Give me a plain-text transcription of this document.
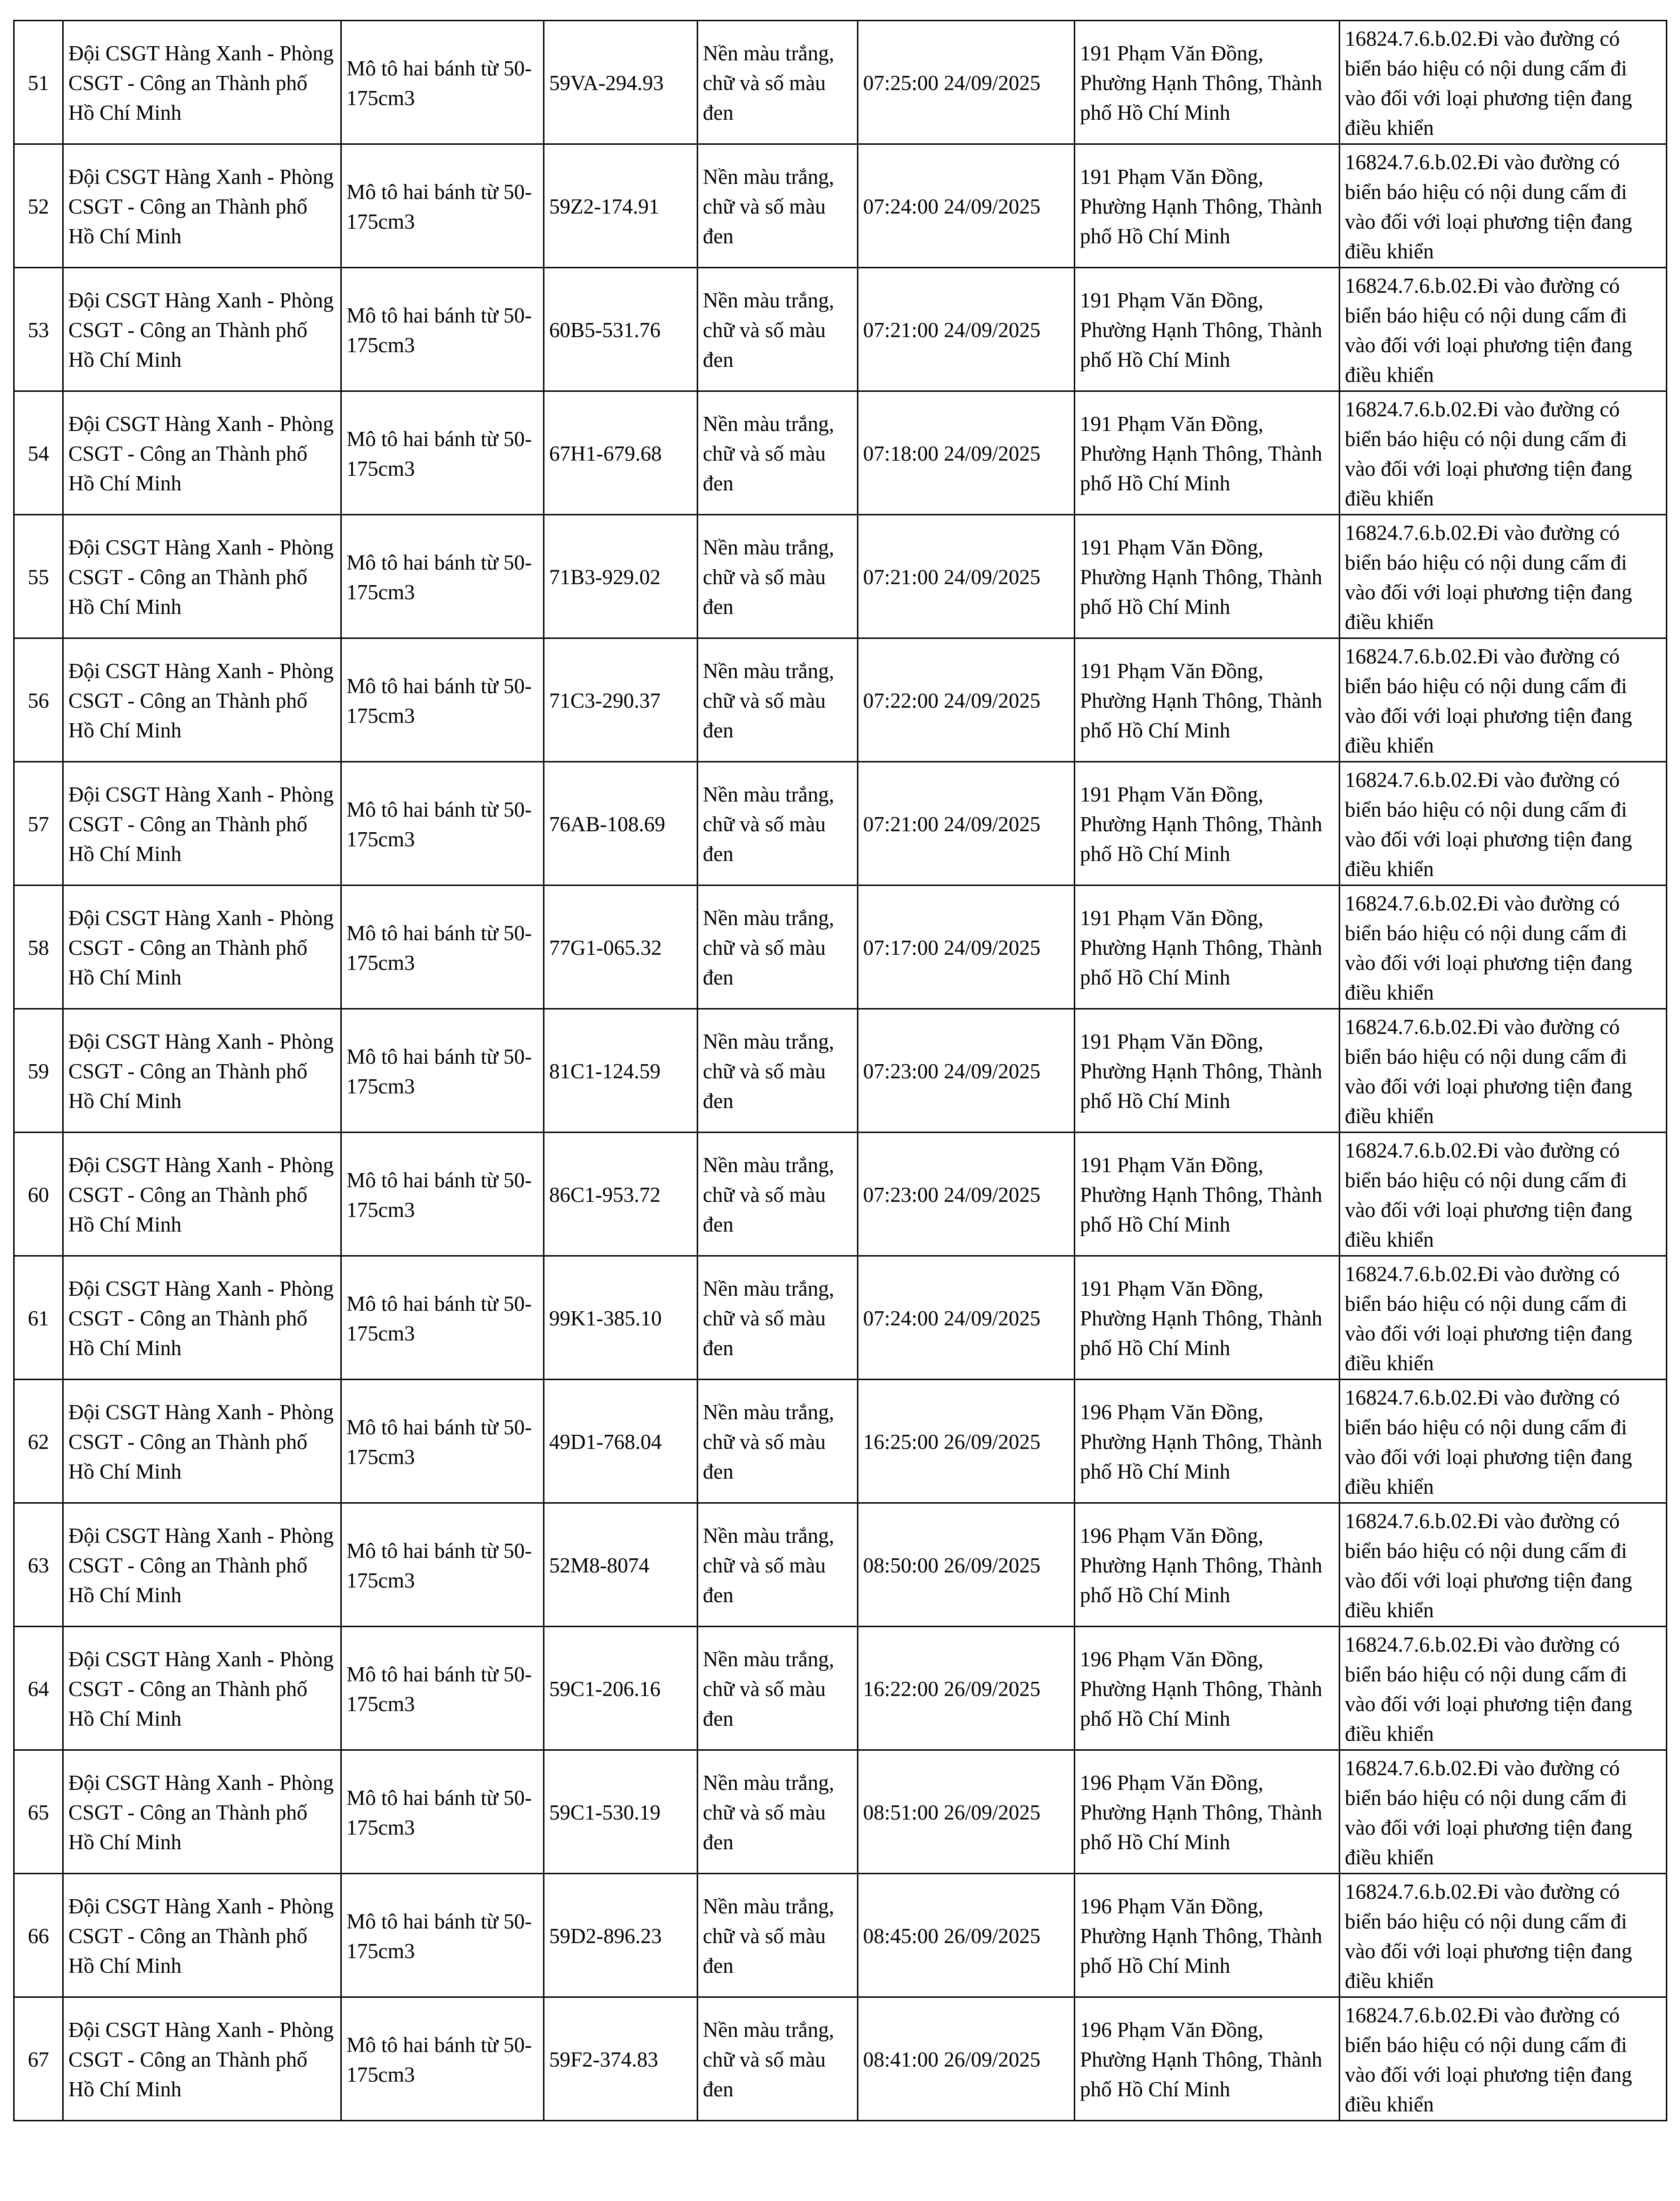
51	Đội CSGT Hàng Xanh - Phòng CSGT - Công an Thành phố Hồ Chí Minh	Mô tô hai bánh từ 50-175cm3	59VA-294.93	Nền màu trắng, chữ và số màu đen	07:25:00 24/09/2025	191 Phạm Văn Đồng, Phường Hạnh Thông, Thành phố Hồ Chí Minh	16824.7.6.b.02.Đi vào đường có biển báo hiệu có nội dung cấm đi vào đối với loại phương tiện đang điều khiển
52	Đội CSGT Hàng Xanh - Phòng CSGT - Công an Thành phố Hồ Chí Minh	Mô tô hai bánh từ 50-175cm3	59Z2-174.91	Nền màu trắng, chữ và số màu đen	07:24:00 24/09/2025	191 Phạm Văn Đồng, Phường Hạnh Thông, Thành phố Hồ Chí Minh	16824.7.6.b.02.Đi vào đường có biển báo hiệu có nội dung cấm đi vào đối với loại phương tiện đang điều khiển
53	Đội CSGT Hàng Xanh - Phòng CSGT - Công an Thành phố Hồ Chí Minh	Mô tô hai bánh từ 50-175cm3	60B5-531.76	Nền màu trắng, chữ và số màu đen	07:21:00 24/09/2025	191 Phạm Văn Đồng, Phường Hạnh Thông, Thành phố Hồ Chí Minh	16824.7.6.b.02.Đi vào đường có biển báo hiệu có nội dung cấm đi vào đối với loại phương tiện đang điều khiển
54	Đội CSGT Hàng Xanh - Phòng CSGT - Công an Thành phố Hồ Chí Minh	Mô tô hai bánh từ 50-175cm3	67H1-679.68	Nền màu trắng, chữ và số màu đen	07:18:00 24/09/2025	191 Phạm Văn Đồng, Phường Hạnh Thông, Thành phố Hồ Chí Minh	16824.7.6.b.02.Đi vào đường có biển báo hiệu có nội dung cấm đi vào đối với loại phương tiện đang điều khiển
55	Đội CSGT Hàng Xanh - Phòng CSGT - Công an Thành phố Hồ Chí Minh	Mô tô hai bánh từ 50-175cm3	71B3-929.02	Nền màu trắng, chữ và số màu đen	07:21:00 24/09/2025	191 Phạm Văn Đồng, Phường Hạnh Thông, Thành phố Hồ Chí Minh	16824.7.6.b.02.Đi vào đường có biển báo hiệu có nội dung cấm đi vào đối với loại phương tiện đang điều khiển
56	Đội CSGT Hàng Xanh - Phòng CSGT - Công an Thành phố Hồ Chí Minh	Mô tô hai bánh từ 50-175cm3	71C3-290.37	Nền màu trắng, chữ và số màu đen	07:22:00 24/09/2025	191 Phạm Văn Đồng, Phường Hạnh Thông, Thành phố Hồ Chí Minh	16824.7.6.b.02.Đi vào đường có biển báo hiệu có nội dung cấm đi vào đối với loại phương tiện đang điều khiển
57	Đội CSGT Hàng Xanh - Phòng CSGT - Công an Thành phố Hồ Chí Minh	Mô tô hai bánh từ 50-175cm3	76AB-108.69	Nền màu trắng, chữ và số màu đen	07:21:00 24/09/2025	191 Phạm Văn Đồng, Phường Hạnh Thông, Thành phố Hồ Chí Minh	16824.7.6.b.02.Đi vào đường có biển báo hiệu có nội dung cấm đi vào đối với loại phương tiện đang điều khiển
58	Đội CSGT Hàng Xanh - Phòng CSGT - Công an Thành phố Hồ Chí Minh	Mô tô hai bánh từ 50-175cm3	77G1-065.32	Nền màu trắng, chữ và số màu đen	07:17:00 24/09/2025	191 Phạm Văn Đồng, Phường Hạnh Thông, Thành phố Hồ Chí Minh	16824.7.6.b.02.Đi vào đường có biển báo hiệu có nội dung cấm đi vào đối với loại phương tiện đang điều khiển
59	Đội CSGT Hàng Xanh - Phòng CSGT - Công an Thành phố Hồ Chí Minh	Mô tô hai bánh từ 50-175cm3	81C1-124.59	Nền màu trắng, chữ và số màu đen	07:23:00 24/09/2025	191 Phạm Văn Đồng, Phường Hạnh Thông, Thành phố Hồ Chí Minh	16824.7.6.b.02.Đi vào đường có biển báo hiệu có nội dung cấm đi vào đối với loại phương tiện đang điều khiển
60	Đội CSGT Hàng Xanh - Phòng CSGT - Công an Thành phố Hồ Chí Minh	Mô tô hai bánh từ 50-175cm3	86C1-953.72	Nền màu trắng, chữ và số màu đen	07:23:00 24/09/2025	191 Phạm Văn Đồng, Phường Hạnh Thông, Thành phố Hồ Chí Minh	16824.7.6.b.02.Đi vào đường có biển báo hiệu có nội dung cấm đi vào đối với loại phương tiện đang điều khiển
61	Đội CSGT Hàng Xanh - Phòng CSGT - Công an Thành phố Hồ Chí Minh	Mô tô hai bánh từ 50-175cm3	99K1-385.10	Nền màu trắng, chữ và số màu đen	07:24:00 24/09/2025	191 Phạm Văn Đồng, Phường Hạnh Thông, Thành phố Hồ Chí Minh	16824.7.6.b.02.Đi vào đường có biển báo hiệu có nội dung cấm đi vào đối với loại phương tiện đang điều khiển
62	Đội CSGT Hàng Xanh - Phòng CSGT - Công an Thành phố Hồ Chí Minh	Mô tô hai bánh từ 50-175cm3	49D1-768.04	Nền màu trắng, chữ và số màu đen	16:25:00 26/09/2025	196 Phạm Văn Đồng, Phường Hạnh Thông, Thành phố Hồ Chí Minh	16824.7.6.b.02.Đi vào đường có biển báo hiệu có nội dung cấm đi vào đối với loại phương tiện đang điều khiển
63	Đội CSGT Hàng Xanh - Phòng CSGT - Công an Thành phố Hồ Chí Minh	Mô tô hai bánh từ 50-175cm3	52M8-8074	Nền màu trắng, chữ và số màu đen	08:50:00 26/09/2025	196 Phạm Văn Đồng, Phường Hạnh Thông, Thành phố Hồ Chí Minh	16824.7.6.b.02.Đi vào đường có biển báo hiệu có nội dung cấm đi vào đối với loại phương tiện đang điều khiển
64	Đội CSGT Hàng Xanh - Phòng CSGT - Công an Thành phố Hồ Chí Minh	Mô tô hai bánh từ 50-175cm3	59C1-206.16	Nền màu trắng, chữ và số màu đen	16:22:00 26/09/2025	196 Phạm Văn Đồng, Phường Hạnh Thông, Thành phố Hồ Chí Minh	16824.7.6.b.02.Đi vào đường có biển báo hiệu có nội dung cấm đi vào đối với loại phương tiện đang điều khiển
65	Đội CSGT Hàng Xanh - Phòng CSGT - Công an Thành phố Hồ Chí Minh	Mô tô hai bánh từ 50-175cm3	59C1-530.19	Nền màu trắng, chữ và số màu đen	08:51:00 26/09/2025	196 Phạm Văn Đồng, Phường Hạnh Thông, Thành phố Hồ Chí Minh	16824.7.6.b.02.Đi vào đường có biển báo hiệu có nội dung cấm đi vào đối với loại phương tiện đang điều khiển
66	Đội CSGT Hàng Xanh - Phòng CSGT - Công an Thành phố Hồ Chí Minh	Mô tô hai bánh từ 50-175cm3	59D2-896.23	Nền màu trắng, chữ và số màu đen	08:45:00 26/09/2025	196 Phạm Văn Đồng, Phường Hạnh Thông, Thành phố Hồ Chí Minh	16824.7.6.b.02.Đi vào đường có biển báo hiệu có nội dung cấm đi vào đối với loại phương tiện đang điều khiển
67	Đội CSGT Hàng Xanh - Phòng CSGT - Công an Thành phố Hồ Chí Minh	Mô tô hai bánh từ 50-175cm3	59F2-374.83	Nền màu trắng, chữ và số màu đen	08:41:00 26/09/2025	196 Phạm Văn Đồng, Phường Hạnh Thông, Thành phố Hồ Chí Minh	16824.7.6.b.02.Đi vào đường có biển báo hiệu có nội dung cấm đi vào đối với loại phương tiện đang điều khiển
